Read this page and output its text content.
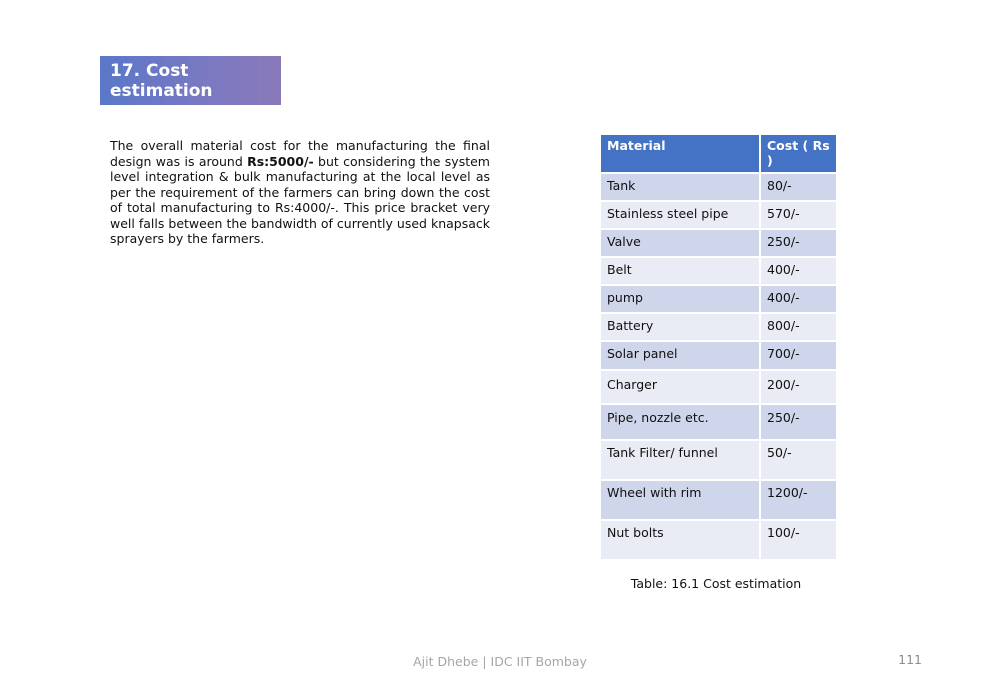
17. Cost estimation
The overall material cost for the manufacturing the final design was is around Rs:5000/- but considering the system level integration & bulk manufacturing at the local level as per the requirement of the farmers can bring down the cost of total manufacturing to Rs:4000/-. This price bracket very well falls between the bandwidth of currently used knapsack sprayers by the farmers.
Material	Cost ( Rs )
Tank	80/-
Stainless steel pipe	570/-
Valve	250/-
Belt	400/-
pump	400/-
Battery	800/-
Solar panel	700/-
Charger	200/-
Pipe, nozzle etc.	250/-
Tank Filter/ funnel	50/-
Wheel with rim	1200/-
Nut bolts	100/-
Table: 16.1 Cost estimation
Ajit Dhebe | IDC IIT Bombay	111
